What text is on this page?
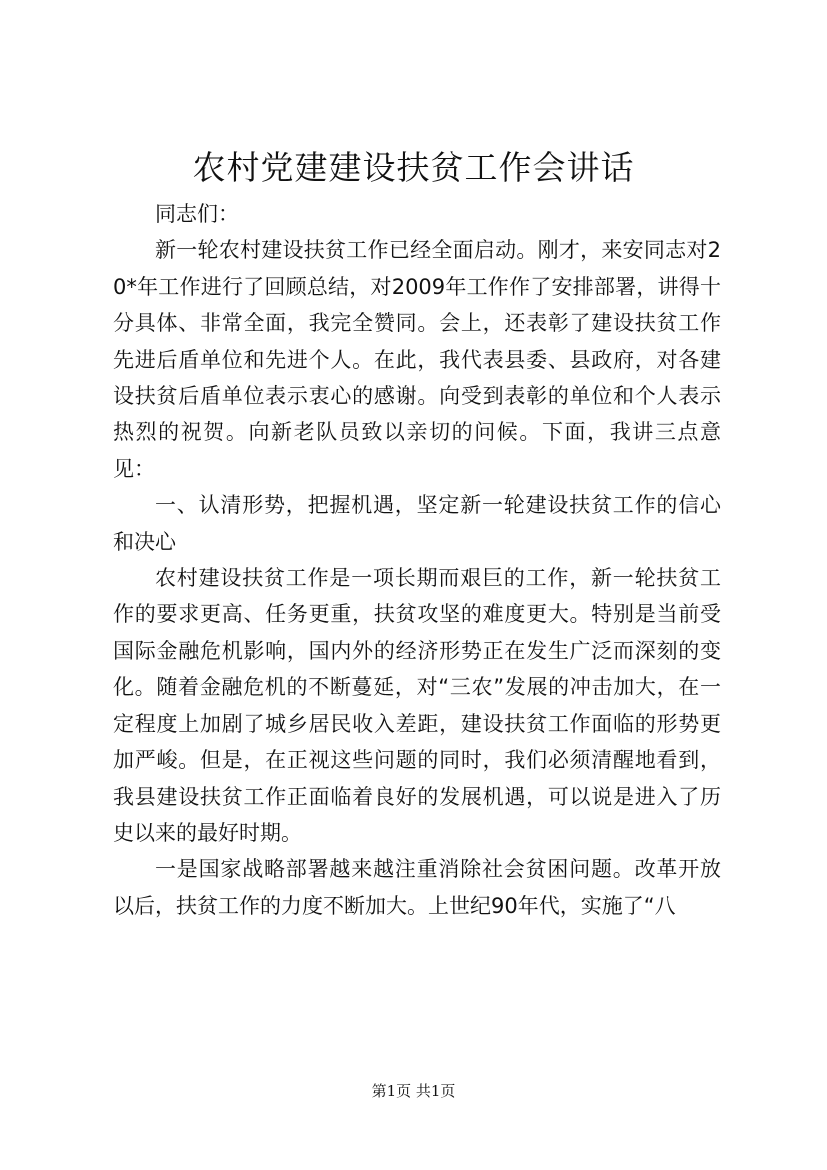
农村党建建设扶贫工作会讲话

同志们：

新一轮农村建设扶贫工作已经全面启动。刚才，来安同志对20*年工作进行了回顾总结，对2009年工作作了安排部署，讲得十分具体、非常全面，我完全赞同。会上，还表彰了建设扶贫工作先进后盾单位和先进个人。在此，我代表县委、县政府，对各建设扶贫后盾单位表示衷心的感谢。向受到表彰的单位和个人表示热烈的祝贺。向新老队员致以亲切的问候。下面，我讲三点意见：

一、认清形势，把握机遇，坚定新一轮建设扶贫工作的信心和决心

农村建设扶贫工作是一项长期而艰巨的工作，新一轮扶贫工作的要求更高、任务更重，扶贫攻坚的难度更大。特别是当前受国际金融危机影响，国内外的经济形势正在发生广泛而深刻的变化。随着金融危机的不断蔓延，对“三农”发展的冲击加大，在一定程度上加剧了城乡居民收入差距，建设扶贫工作面临的形势更加严峻。但是，在正视这些问题的同时，我们必须清醒地看到，我县建设扶贫工作正面临着良好的发展机遇，可以说是进入了历史以来的最好时期。

一是国家战略部署越来越注重消除社会贫困问题。改革开放以后，扶贫工作的力度不断加大。上世纪90年代，实施了“八

第1页 共1页
